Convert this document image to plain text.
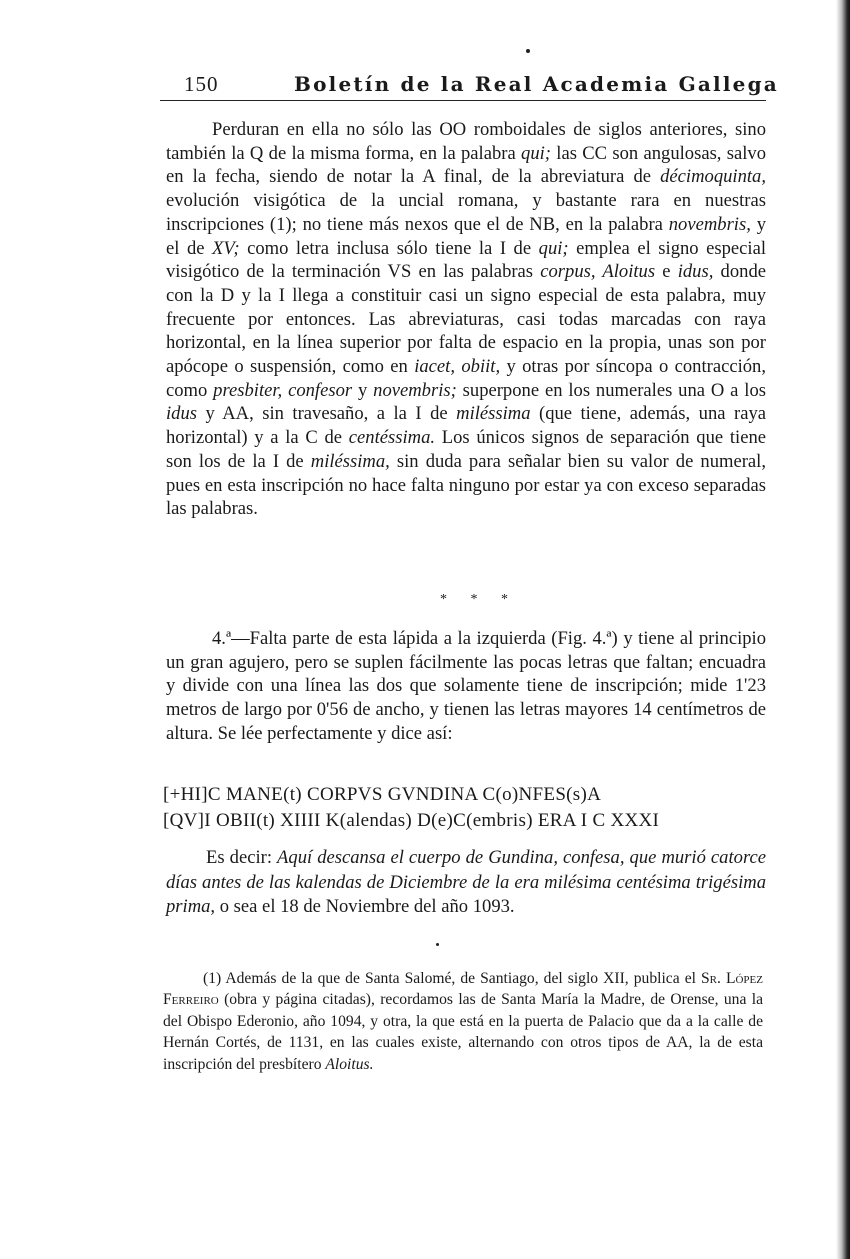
150	Boletín de la Real Academia Gallega

Perduran en ella no sólo las OO romboidales de siglos anteriores, sino también la Q de la misma forma, en la palabra qui; las CC son angulosas, salvo en la fecha, siendo de notar la A final, de la abreviatura de décimoquinta, evolución visigótica de la uncial romana, y bastante rara en nuestras inscripciones (1); no tiene más nexos que el de NB, en la palabra novembris, y el de XV; como letra inclusa sólo tiene la I de qui; emplea el signo especial visigótico de la terminación VS en las palabras corpus, Aloitus e idus, donde con la D y la I llega a constituir casi un signo especial de esta palabra, muy frecuente por entonces. Las abreviaturas, casi todas marcadas con raya horizontal, en la línea superior por falta de espacio en la propia, unas son por apócope o suspensión, como en iacet, obiit, y otras por síncopa o contracción, como presbiter, confesor y novembris; superpone en los numerales una O a los idus y AA, sin travesaño, a la I de miléssima (que tiene, además, una raya horizontal) y a la C de centéssima. Los únicos signos de separación que tiene son los de la I de miléssima, sin duda para señalar bien su valor de numeral, pues en esta inscripción no hace falta ninguno por estar ya con exceso separadas las palabras.

* * *

4.ª—Falta parte de esta lápida a la izquierda (Fig. 4.ª) y tiene al principio un gran agujero, pero se suplen fácilmente las pocas letras que faltan; encuadra y divide con una línea las dos que solamente tiene de inscripción; mide 1'23 metros de largo por 0'56 de ancho, y tienen las letras mayores 14 centímetros de altura. Se lée perfectamente y dice así:

[+HI]C MANE(t) CORPVS GVNDINA C(o)NFES(s)A
[QV]I OBII(t) XIIII K(alendas) D(e)C(embris) ERA I C XXXI

Es decir: Aquí descansa el cuerpo de Gundina, confesa, que murió catorce días antes de las kalendas de Diciembre de la era milésima centésima trigésima prima, o sea el 18 de Noviembre del año 1093.

(1) Además de la que de Santa Salomé, de Santiago, del siglo XII, publica el Sr. López Ferreiro (obra y página citadas), recordamos las de Santa María la Madre, de Orense, una la del Obispo Ederonio, año 1094, y otra, la que está en la puerta de Palacio que da a la calle de Hernán Cortés, de 1131, en las cuales existe, alternando con otros tipos de AA, la de esta inscripción del presbítero Aloitus.
